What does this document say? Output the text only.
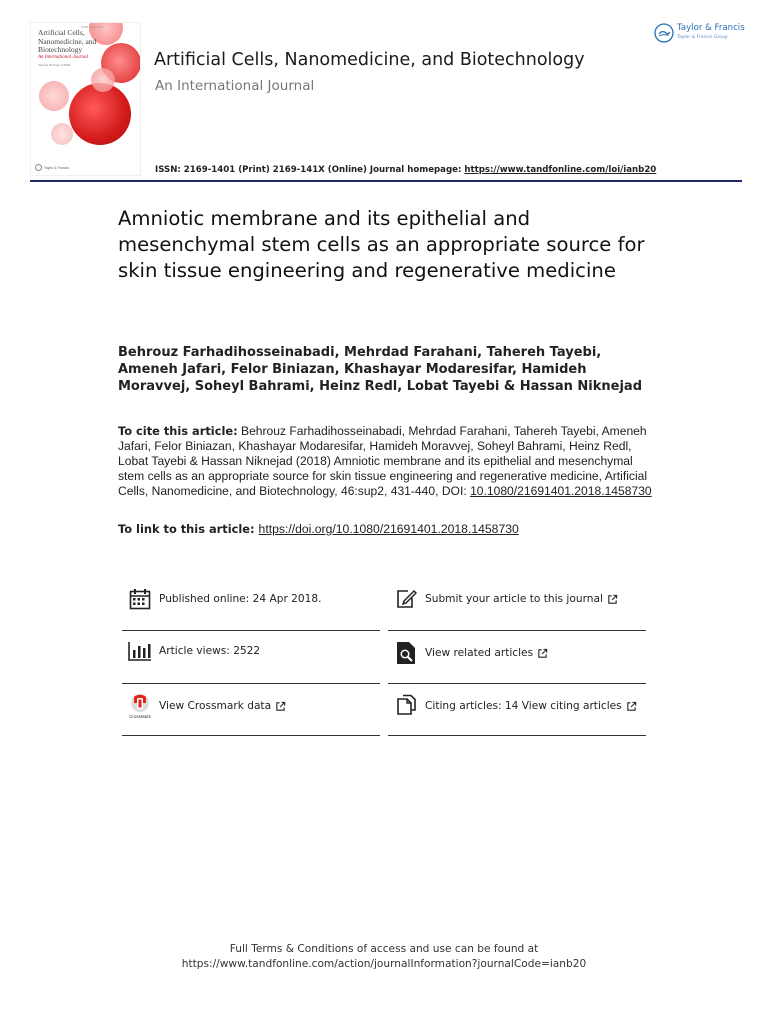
ISSN 2169-1401
Artificial Cells, Nanomedicine, and Biotechnology
An International Journal
Volume 46 Supp 2 2018
Taylor & Francis
Artificial Cells, Nanomedicine, and Biotechnology
An International Journal
Taylor & Francis
Taylor & Francis Group
ISSN: 2169-1401 (Print) 2169-141X (Online) Journal homepage: https://www.tandfonline.com/loi/ianb20
Amniotic membrane and its epithelial and mesenchymal stem cells as an appropriate source for skin tissue engineering and regenerative medicine
Behrouz Farhadihosseinabadi, Mehrdad Farahani, Tahereh Tayebi, Ameneh Jafari, Felor Biniazan, Khashayar Modaresifar, Hamideh Moravvej, Soheyl Bahrami, Heinz Redl, Lobat Tayebi & Hassan Niknejad
To cite this article: Behrouz Farhadihosseinabadi, Mehrdad Farahani, Tahereh Tayebi, Ameneh Jafari, Felor Biniazan, Khashayar Modaresifar, Hamideh Moravvej, Soheyl Bahrami, Heinz Redl, Lobat Tayebi & Hassan Niknejad (2018) Amniotic membrane and its epithelial and mesenchymal stem cells as an appropriate source for skin tissue engineering and regenerative medicine, Artificial Cells, Nanomedicine, and Biotechnology, 46:sup2, 431-440, DOI: 10.1080/21691401.2018.1458730
To link to this article: https://doi.org/10.1080/21691401.2018.1458730
Published online: 24 Apr 2018.	Submit your article to this journal
Article views: 2522	View related articles
CrossMark
View Crossmark data	Citing articles: 14 View citing articles
Full Terms & Conditions of access and use can be found at
https://www.tandfonline.com/action/journalInformation?journalCode=ianb20
